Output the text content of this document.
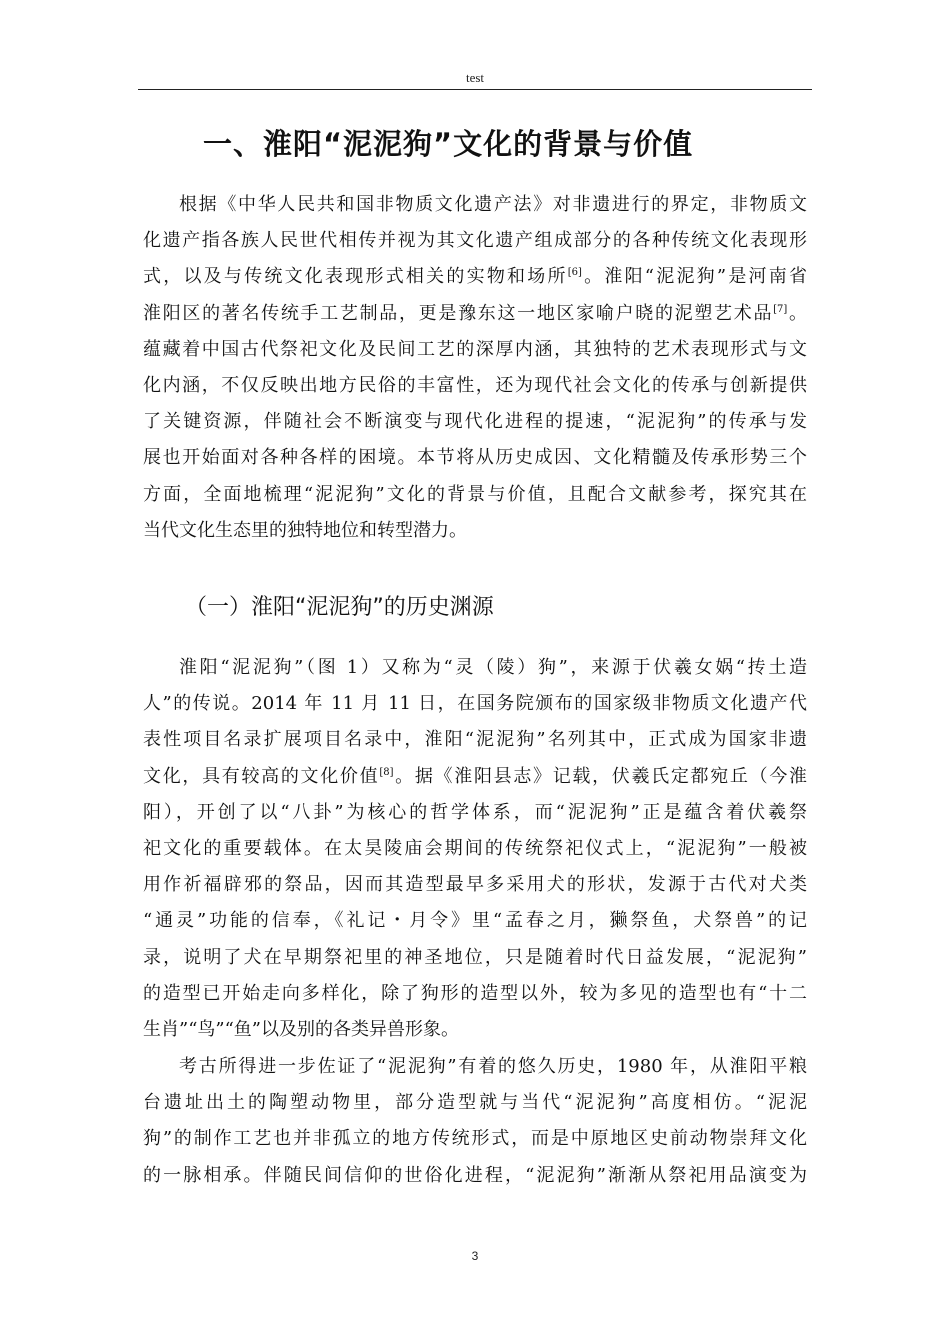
test
一、淮阳“泥泥狗”文化的背景与价值
根据《中华人民共和国非物质文化遗产法》对非遗进行的界定，非物质文
化遗产指各族人民世代相传并视为其文化遗产组成部分的各种传统文化表现形
式，以及与传统文化表现形式相关的实物和场所[6]。淮阳“泥泥狗”是河南省
淮阳区的著名传统手工艺制品，更是豫东这一地区家喻户晓的泥塑艺术品[7]。
蕴藏着中国古代祭祀文化及民间工艺的深厚内涵，其独特的艺术表现形式与文
化内涵，不仅反映出地方民俗的丰富性，还为现代社会文化的传承与创新提供
了关键资源，伴随社会不断演变与现代化进程的提速，“泥泥狗”的传承与发
展也开始面对各种各样的困境。本节将从历史成因、文化精髓及传承形势三个
方面，全面地梳理“泥泥狗”文化的背景与价值，且配合文献参考，探究其在
当代文化生态里的独特地位和转型潜力。
（一）淮阳“泥泥狗”的历史渊源
淮阳“泥泥狗”（图 1）又称为“灵（陵）狗”，来源于伏羲女娲“抟土造
人”的传说。2014 年 11 月 11 日，在国务院颁布的国家级非物质文化遗产代
表性项目名录扩展项目名录中，淮阳“泥泥狗”名列其中，正式成为国家非遗
文化，具有较高的文化价值[8]。据《淮阳县志》记载，伏羲氏定都宛丘（今淮
阳），开创了以“八卦”为核心的哲学体系，而“泥泥狗”正是蕴含着伏羲祭
祀文化的重要载体。在太昊陵庙会期间的传统祭祀仪式上，“泥泥狗”一般被
用作祈福辟邪的祭品，因而其造型最早多采用犬的形状，发源于古代对犬类
“通灵”功能的信奉，《礼记・月令》里“孟春之月，獭祭鱼，犬祭兽”的记
录，说明了犬在早期祭祀里的神圣地位，只是随着时代日益发展，“泥泥狗”
的造型已开始走向多样化，除了狗形的造型以外，较为多见的造型也有“十二
生肖”“鸟”“鱼”以及别的各类异兽形象。
考古所得进一步佐证了“泥泥狗”有着的悠久历史，1980 年，从淮阳平粮
台遗址出土的陶塑动物里，部分造型就与当代“泥泥狗”高度相仿。“泥泥
狗”的制作工艺也并非孤立的地方传统形式，而是中原地区史前动物崇拜文化
的一脉相承。伴随民间信仰的世俗化进程，“泥泥狗”渐渐从祭祀用品演变为
3
